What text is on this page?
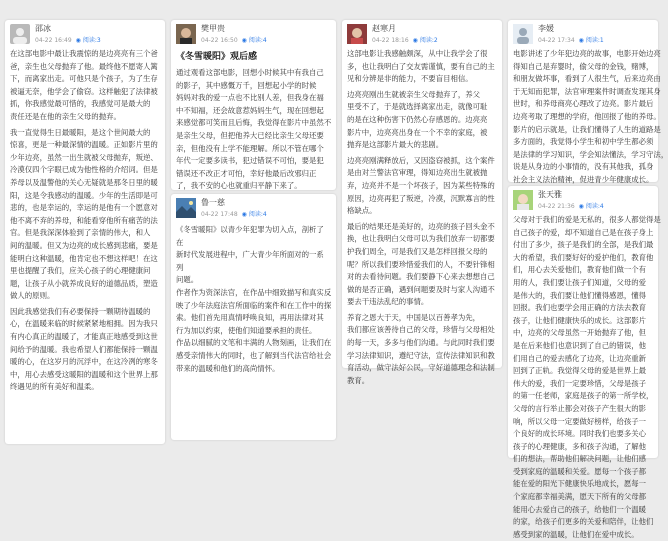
邵冰
04-22 16:49 ◉ 阅读:3

在这部电影中最让我震惊的是边亮亮有三个爸

爸，亲生也父母抛弃了他。最终他不愿寄人篱

下，而离家出走。可他只是个孩子，为了生存

被逼无奈，他学会了偷窃。这样触犯了法律被

抓，你我感觉最可惜的，我感觉可是最大的

责任还是在他的亲生父母的抛弃。

我一直觉得生日最暖阳，是这个世间最大的

惊喜，更是一种最深情的温暖。正如影片里的

少年边亮，虽然一出生就被父母抛弃，叛逆、

冷漠仅四个字眼已成为他性格的介绍词。但是

养母以及温警他的关心无疑就是那冬日里的暖

阳，这是令我感动的温暖。少年的生活即是可

悲的，也是幸运的，幸运的是他有一个愿意对

他不离不弃的养母，和能看穿他所有痛苦的法

官。但是我深深体验到了亲情的伟大，和人

间的温暖。但又为边亮的成长感到悲痛，要是

能明白这种温暖，他肯定也不想这样吧！在这

里也提醒了我们，应关心孩子的心理健康问

题，让孩子从小就养成良好的道德品质，塑造

做人的原则。

因此我感觉我们有必要保持一颗期待温暖的

心，在温暖来临的时候紧紧地相拥。因为我只

有内心真正的温暖了，才能真正地感受到这世

间给予的温暖。我也希望人们都能保持一颗温

暖的心，在这岁月的沉浮中，在这冷冽的寒冬

中，用心去感受这暖阳的温暖和这个世界上那

终遇见的所有美好和温柔。

樊甲贵
04-22 16:50 ◉ 阅读:4
《冬雪暖阳》观后感

通过观看这部电影，回想小时候其中有我自己

的影子，其中感慨万千，回想起小学的时候

妈妈对我的爱一点也不比别人差，但我身在福

中不知福，还会故意惹妈妈生气，现在回想起

来感觉都可笑而且后悔，我觉得在影片中虽然不

是亲生父母，但把他养大已经比亲生父母还要

亲，但他没有上学不能理解。所以不管在哪个

年代一定要多读书，犯过错误不可怕，要是犯

错误还不改正才可怕，幸好他最后改邪归正

了，我不安的心也就重归平静下来了。

鲁一慈
04-22 17:48 ◉ 阅读:4

《冬雪暖阳》以青少年犯罪为切入点，剖析了

在

新时代发展进程中，广大青少年所面对的一系

列

问题。

作者作为资深法官，在作品中细致描写和真实反

映了少年法庭法官所面临的案件和在工作中的探

索。他们首先用真情呼唤良知，再用法律对其

行为加以约束，使他们知道要承担的责任。

作品以细腻的文笔和丰满的人物刻画，让我们在

感受亲情伟大的同时，也了解到当代法官给社会

带来的温暖和他们的高尚情怀。

赵寒月
04-22 18:16 ◉ 阅读:2

这部电影让我感触颇深，从中让我学会了很

多，也让我明白了交友需谨慎，要有自己的主

见和分辨是非的能力，不要盲目相信。

边亮亮刚出生就被亲生父母抛弃了，养父

里受不了，于是就选择离家出走，就像可耻

的是在这种伤害下仍然心存感恩的。边亮亮

影片中，边亮亮出身在一个不幸的家庭，被

抛弃是这部影片最大的悲剧。

边亮亮刚满释放后，又因盗窃被抓，这个案件

是由对兰警法官审理，得知边亮出生就被抛

弃，边亮并不是一个坏孩子，因为某些特殊的

原因，边亮再犯了叛逆，冷漠，沉默寡言的性

格缺点。

最后的结果还是美好的，边亮的孩子回头金不

换，也让我明白父母可以为我们放弃一切都要

护我们周全，可是我们又是怎样回报父母的

呢？所以我们要珍惜爱我们的人，不要针锋相

对的去看待问题。我们要静下心来去想想自己

做的是否正确，遇到问题要及时与家人沟通不

要去干违法乱纪的事情。

养育之恩大于天，中国是以百善孝为先，

我们都应该善待自己的父母，珍惜与父母相处

的每一天，多多与他们沟通。与此同时我们要

学习法律知识，遵纪守法，宣传法律知识和教

育活动，做守法好公民，守好道德理念和法制

教育。

李媛
04-22 17:34 ◉ 阅读:1

电影讲述了少年犯边亮的故事，电影开始边亮

得知自己是弃婴时，偷父母的金钱，赌博，

和朋友做坏事，看到了人很生气，后来边亮由

于无知而犯罪，法官审理案件时调查发现其身

世时，和养母商亮心理改了边亮。影片最后

边亮考取了理想的学府，他回报了他的养母。

影片的启示就是，让我们懂得了人生的道路是

多方面的，我觉得小学生和初中学生都必须

是法律的学习知识，学会知法懂法，学习守法，

说是从身边的小事情的，没有其他我，孤身

社会主义法治精神，促进青少年健康成长。

张天雅
04-22 21:36 ◉ 阅读:4

父母对于我们的爱是无私的，很多人都觉得是

自己孩子的爱，却不知道自己是在孩子身上

付出了多少，孩子是我们的全部，是我们最

大的希望，我们要好好的爱护他们，教育他

们，用心去关爱他们，教育他们做一个有

用的人，我们要让孩子们知道，父母的爱

是伟大的，我们要让他们懂得感恩，懂得

回报。我们也要学会用正确的方法去教育

孩子，让他们健康快乐的成长。这部影片

中，边亮的父母虽然一开始抛弃了他，但

是在后来他们也意识到了自己的错误，他

们用自己的爱去感化了边亮，让边亮重新

回到了正轨。我觉得父母的爱是世界上最

伟大的爱，我们一定要珍惜，父母是孩子

的第一任老师，家庭是孩子的第一所学校，

父母的言行举止都会对孩子产生很大的影

响，所以父母一定要做好榜样，给孩子一

个良好的成长环境。同时我们也要多关心

孩子的心理健康，多和孩子沟通，了解他

们的想法，帮助他们解决问题，让他们感

受到家庭的温暖和关爱。愿每一个孩子都

能在爱的阳光下健康快乐地成长，愿每一

个家庭都幸福美满，愿天下所有的父母都

能用心去爱自己的孩子，给他们一个温暖

的家，给孩子们更多的关爱和陪伴，让他们

感受到家的温暖，让他们在爱中成长。
